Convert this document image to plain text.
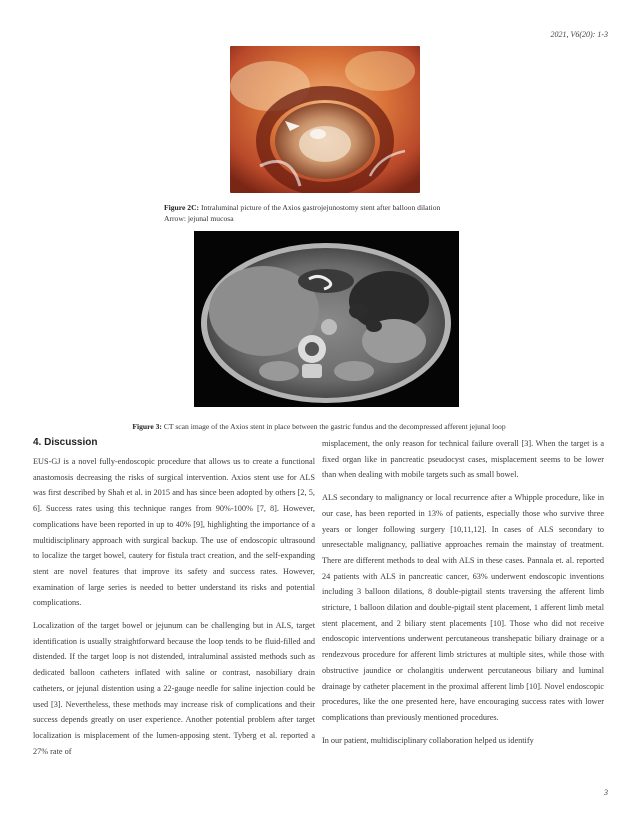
2021, V6(20): 1-3
Figure 2C: Intraluminal picture of the Axios gastrojejunostomy stent after balloon dilation
Arrow: jejunal mucosa
Figure 3: CT scan image of the Axios stent in place between the gastric fundus and the decompressed afferent jejunal loop
4. Discussion

EUS-GJ is a novel fully-endoscopic procedure that allows us to create a functional anastomosis decreasing the risks of surgical intervention. Axios stent use for ALS was first described by Shah et al. in 2015 and has since been adopted by others [2, 5, 6]. Success rates using this technique ranges from 90%-100% [7, 8]. However, complications have been reported in up to 40% [9], highlighting the importance of a multidisciplinary approach with surgical backup. The use of endoscopic ultrasound to localize the target bowel, cautery for fistula tract creation, and the self-expanding stent are novel features that improve its safety and success rates. However, examination of large series is needed to better understand its risks and potential complications.

Localization of the target bowel or jejunum can be challenging but in ALS, target identification is usually straightforward because the loop tends to be fluid-filled and distended. If the target loop is not distended, intraluminal assisted methods such as dedicated balloon catheters inflated with saline or contrast, nasobiliary drain catheters, or jejunal distention using a 22-gauge needle for saline injection could be used [3]. Nevertheless, these methods may increase risk of complications and their success depends greatly on user experience. Another potential problem after target localization is misplacement of the lumen-apposing stent. Tyberg et al. reported a 27% rate of

misplacement, the only reason for technical failure overall [3]. When the target is a fixed organ like in pancreatic pseudocyst cases, misplacement seems to be lower than when dealing with mobile targets such as small bowel.

ALS secondary to malignancy or local recurrence after a Whipple procedure, like in our case, has been reported in 13% of patients, especially those who survive three years or longer following surgery [10,11,12]. In cases of ALS secondary to unresectable malignancy, palliative approaches remain the mainstay of treatment. There are different methods to deal with ALS in these cases. Pannala et. al. reported 24 patients with ALS in pancreatic cancer, 63% underwent endoscopic inventions including 3 balloon dilations, 8 double-pigtail stents traversing the afferent limb stricture, 1 balloon dilation and double-pigtail stent placement, 1 afferent limb metal stent placement, and 2 biliary stent placements [10]. Those who did not receive endoscopic interventions underwent percutaneous transhepatic biliary drainage or a rendezvous procedure for afferent limb strictures at multiple sites, while those with obstructive jaundice or cholangitis underwent percutaneous biliary and luminal drainage by catheter placement in the proximal afferent limb [10]. Novel endoscopic procedures, like the one presented here, have encouraging success rates with lower complications than previously mentioned procedures.

In our patient, multidisciplinary collaboration helped us identify

3
